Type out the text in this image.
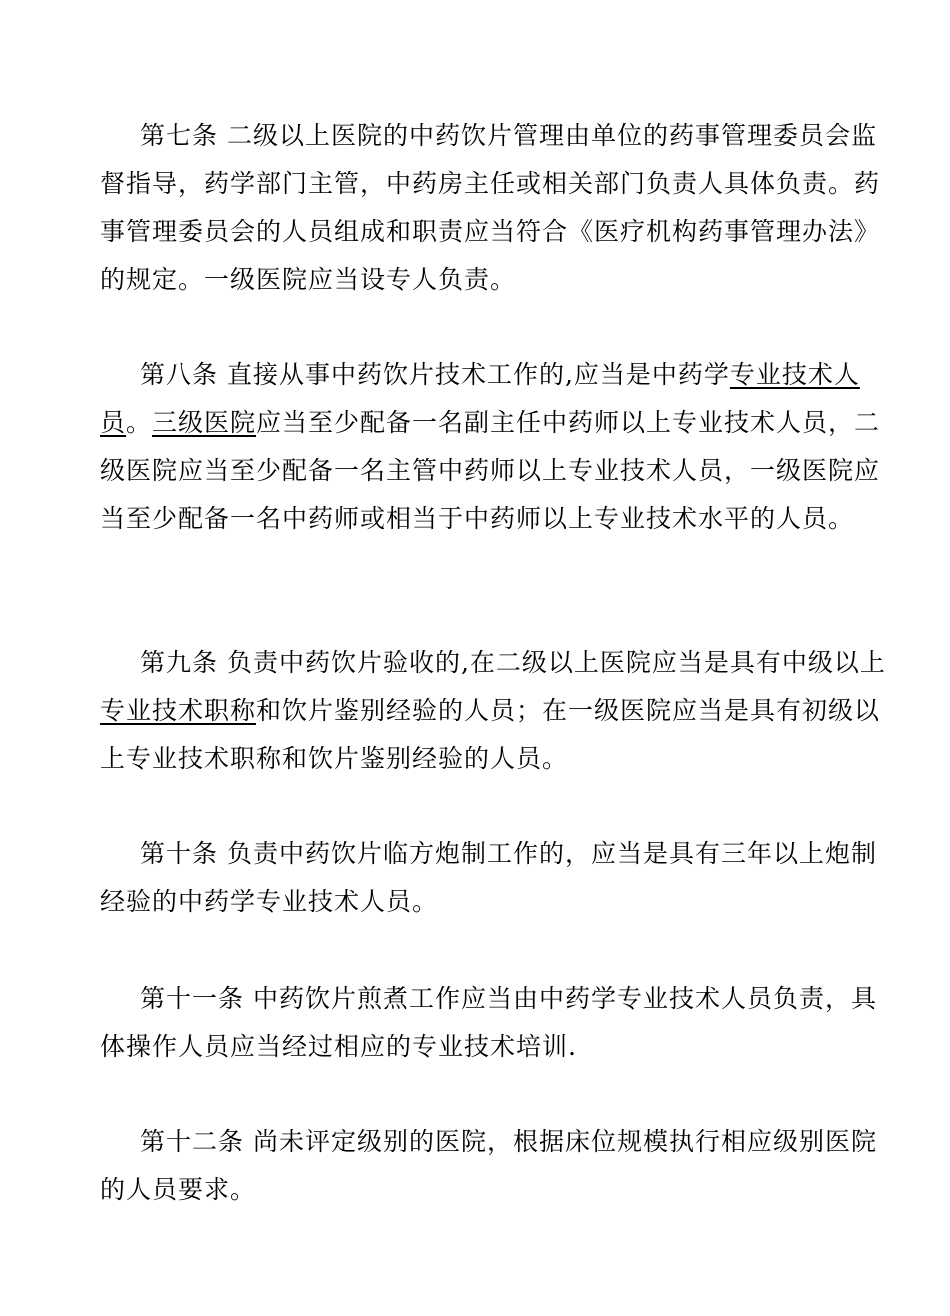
第七条 二级以上医院的中药饮片管理由单位的药事管理委员会监督指导，药学部门主管，中药房主任或相关部门负责人具体负责。药事管理委员会的人员组成和职责应当符合《医疗机构药事管理办法》的规定。一级医院应当设专人负责。

第八条 直接从事中药饮片技术工作的,应当是中药学专业技术人员。三级医院应当至少配备一名副主任中药师以上专业技术人员，二级医院应当至少配备一名主管中药师以上专业技术人员，一级医院应当至少配备一名中药师或相当于中药师以上专业技术水平的人员。

第九条 负责中药饮片验收的,在二级以上医院应当是具有中级以上专业技术职称和饮片鉴别经验的人员；在一级医院应当是具有初级以上专业技术职称和饮片鉴别经验的人员。

第十条 负责中药饮片临方炮制工作的，应当是具有三年以上炮制经验的中药学专业技术人员。

第十一条 中药饮片煎煮工作应当由中药学专业技术人员负责，具体操作人员应当经过相应的专业技术培训.

第十二条 尚未评定级别的医院，根据床位规模执行相应级别医院的人员要求。
